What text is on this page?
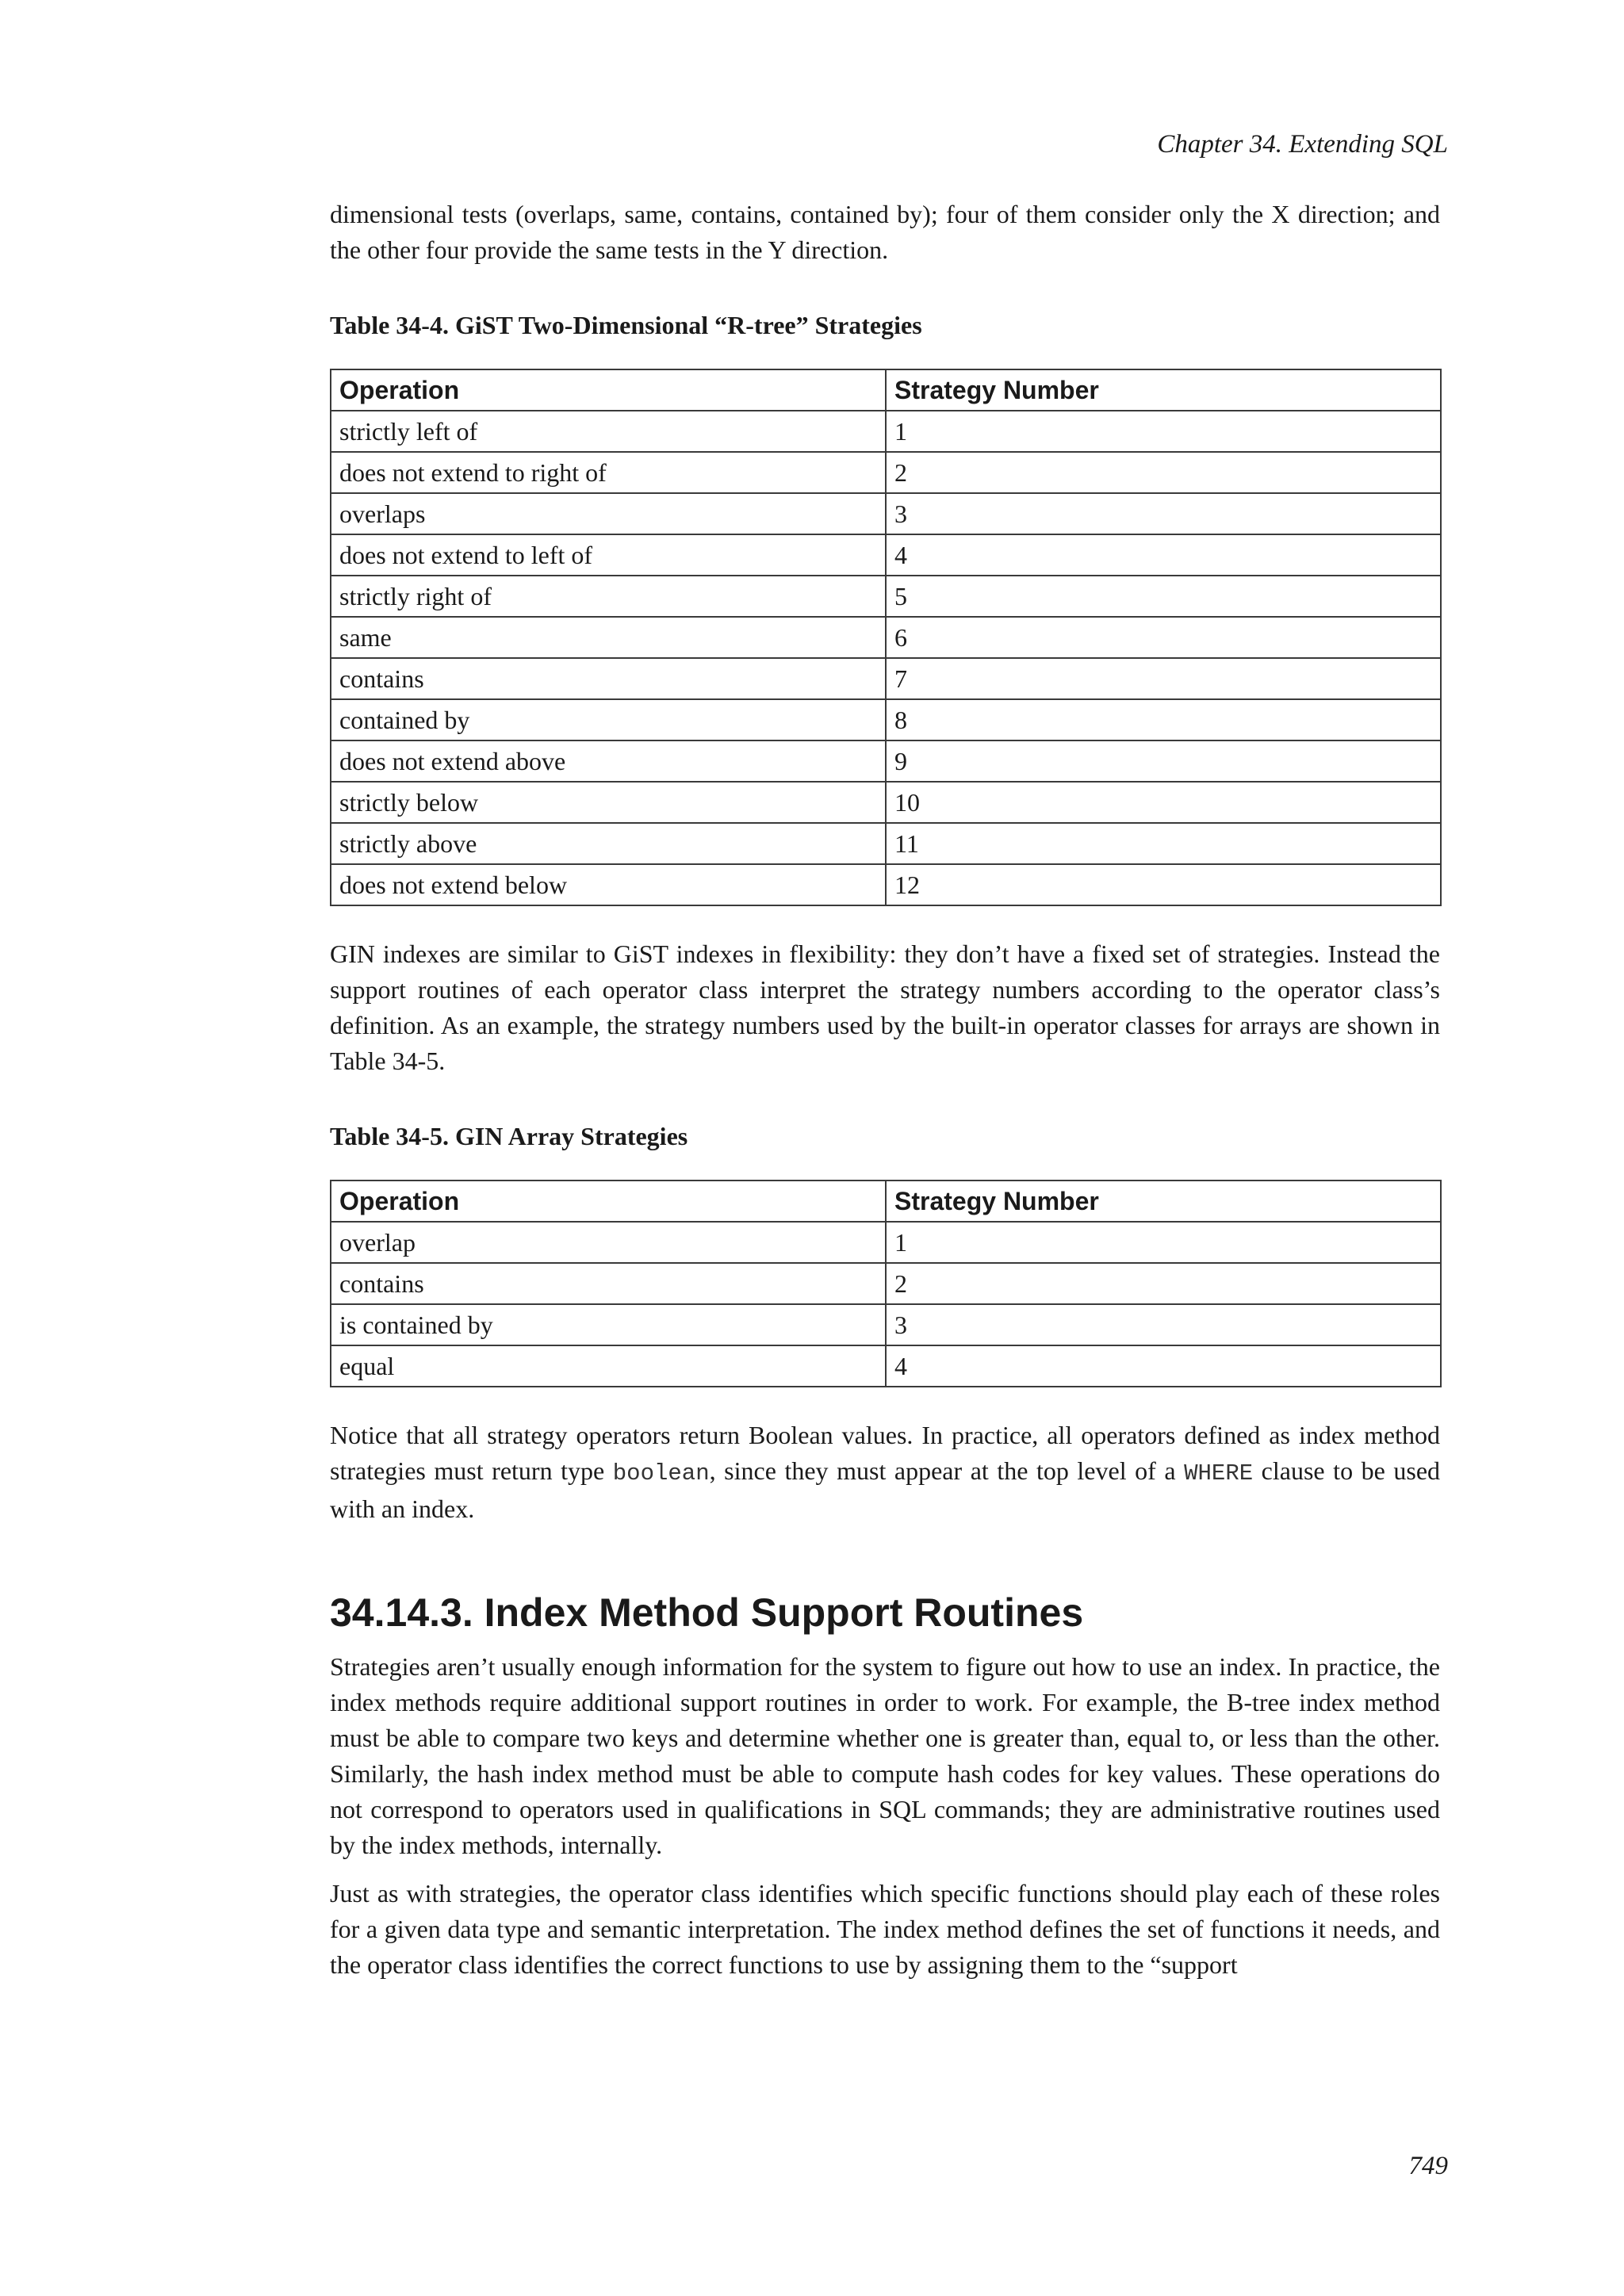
Chapter 34. Extending SQL

dimensional tests (overlaps, same, contains, contained by); four of them consider only the X direction; and the other four provide the same tests in the Y direction.

Table 34-4. GiST Two-Dimensional “R-tree” Strategies
Operation	Strategy Number
strictly left of	1
does not extend to right of	2
overlaps	3
does not extend to left of	4
strictly right of	5
same	6
contains	7
contained by	8
does not extend above	9
strictly below	10
strictly above	11
does not extend below	12

GIN indexes are similar to GiST indexes in flexibility: they don’t have a fixed set of strategies. Instead the support routines of each operator class interpret the strategy numbers according to the operator class’s definition. As an example, the strategy numbers used by the built-in operator classes for arrays are shown in Table 34-5.

Table 34-5. GIN Array Strategies
Operation	Strategy Number
overlap	1
contains	2
is contained by	3
equal	4

Notice that all strategy operators return Boolean values. In practice, all operators defined as index method strategies must return type boolean, since they must appear at the top level of a WHERE clause to be used with an index.

34.14.3. Index Method Support Routines

Strategies aren’t usually enough information for the system to figure out how to use an index. In practice, the index methods require additional support routines in order to work. For example, the B-tree index method must be able to compare two keys and determine whether one is greater than, equal to, or less than the other. Similarly, the hash index method must be able to compute hash codes for key values. These operations do not correspond to operators used in qualifications in SQL commands; they are administrative routines used by the index methods, internally.

Just as with strategies, the operator class identifies which specific functions should play each of these roles for a given data type and semantic interpretation. The index method defines the set of functions it needs, and the operator class identifies the correct functions to use by assigning them to the “support

749
